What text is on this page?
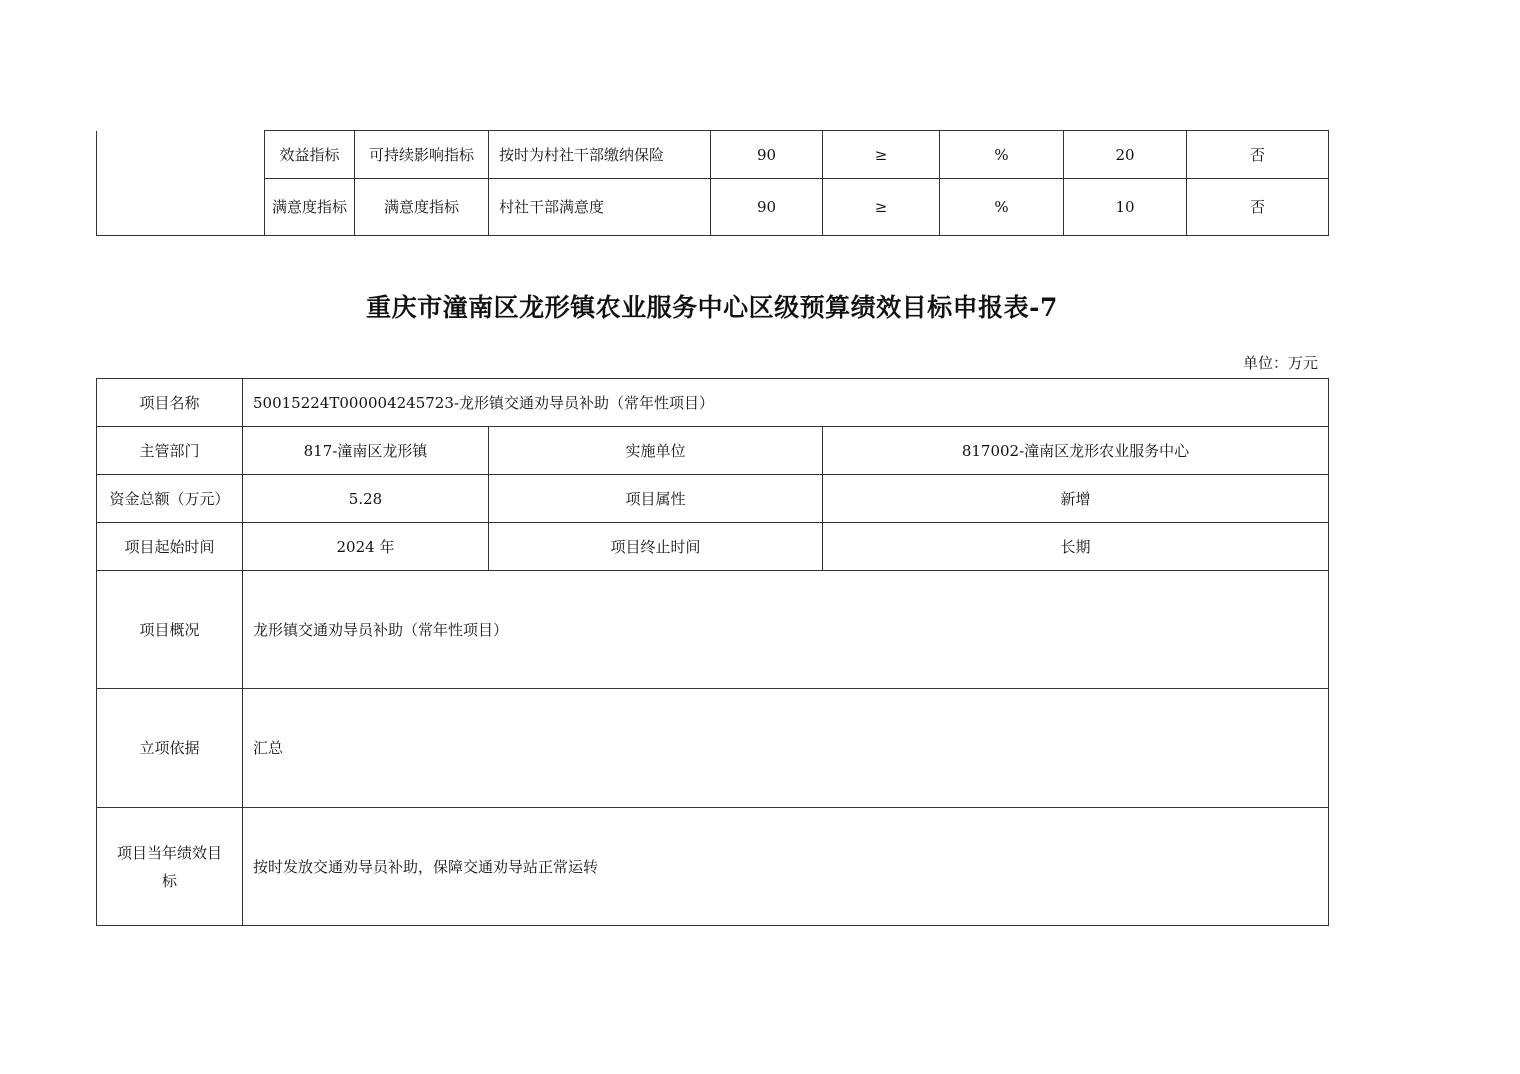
	效益指标	可持续影响指标	按时为村社干部缴纳保险	90	≥	%	20	否
	满意度指标	满意度指标	村社干部满意度	90	≥	%	10	否
重庆市潼南区龙形镇农业服务中心区级预算绩效目标申报表-7
单位：万元
项目名称	50015224T000004245723-龙形镇交通劝导员补助（常年性项目）		
主管部门	817-潼南区龙形镇	实施单位	817002-潼南区龙形农业服务中心
资金总额（万元）	5.28	项目属性	新增
项目起始时间	2024 年	项目终止时间	长期
项目概况	龙形镇交通劝导员补助（常年性项目）		
立项依据	汇总		
项目当年绩效目标	按时发放交通劝导员补助，保障交通劝导站正常运转		
